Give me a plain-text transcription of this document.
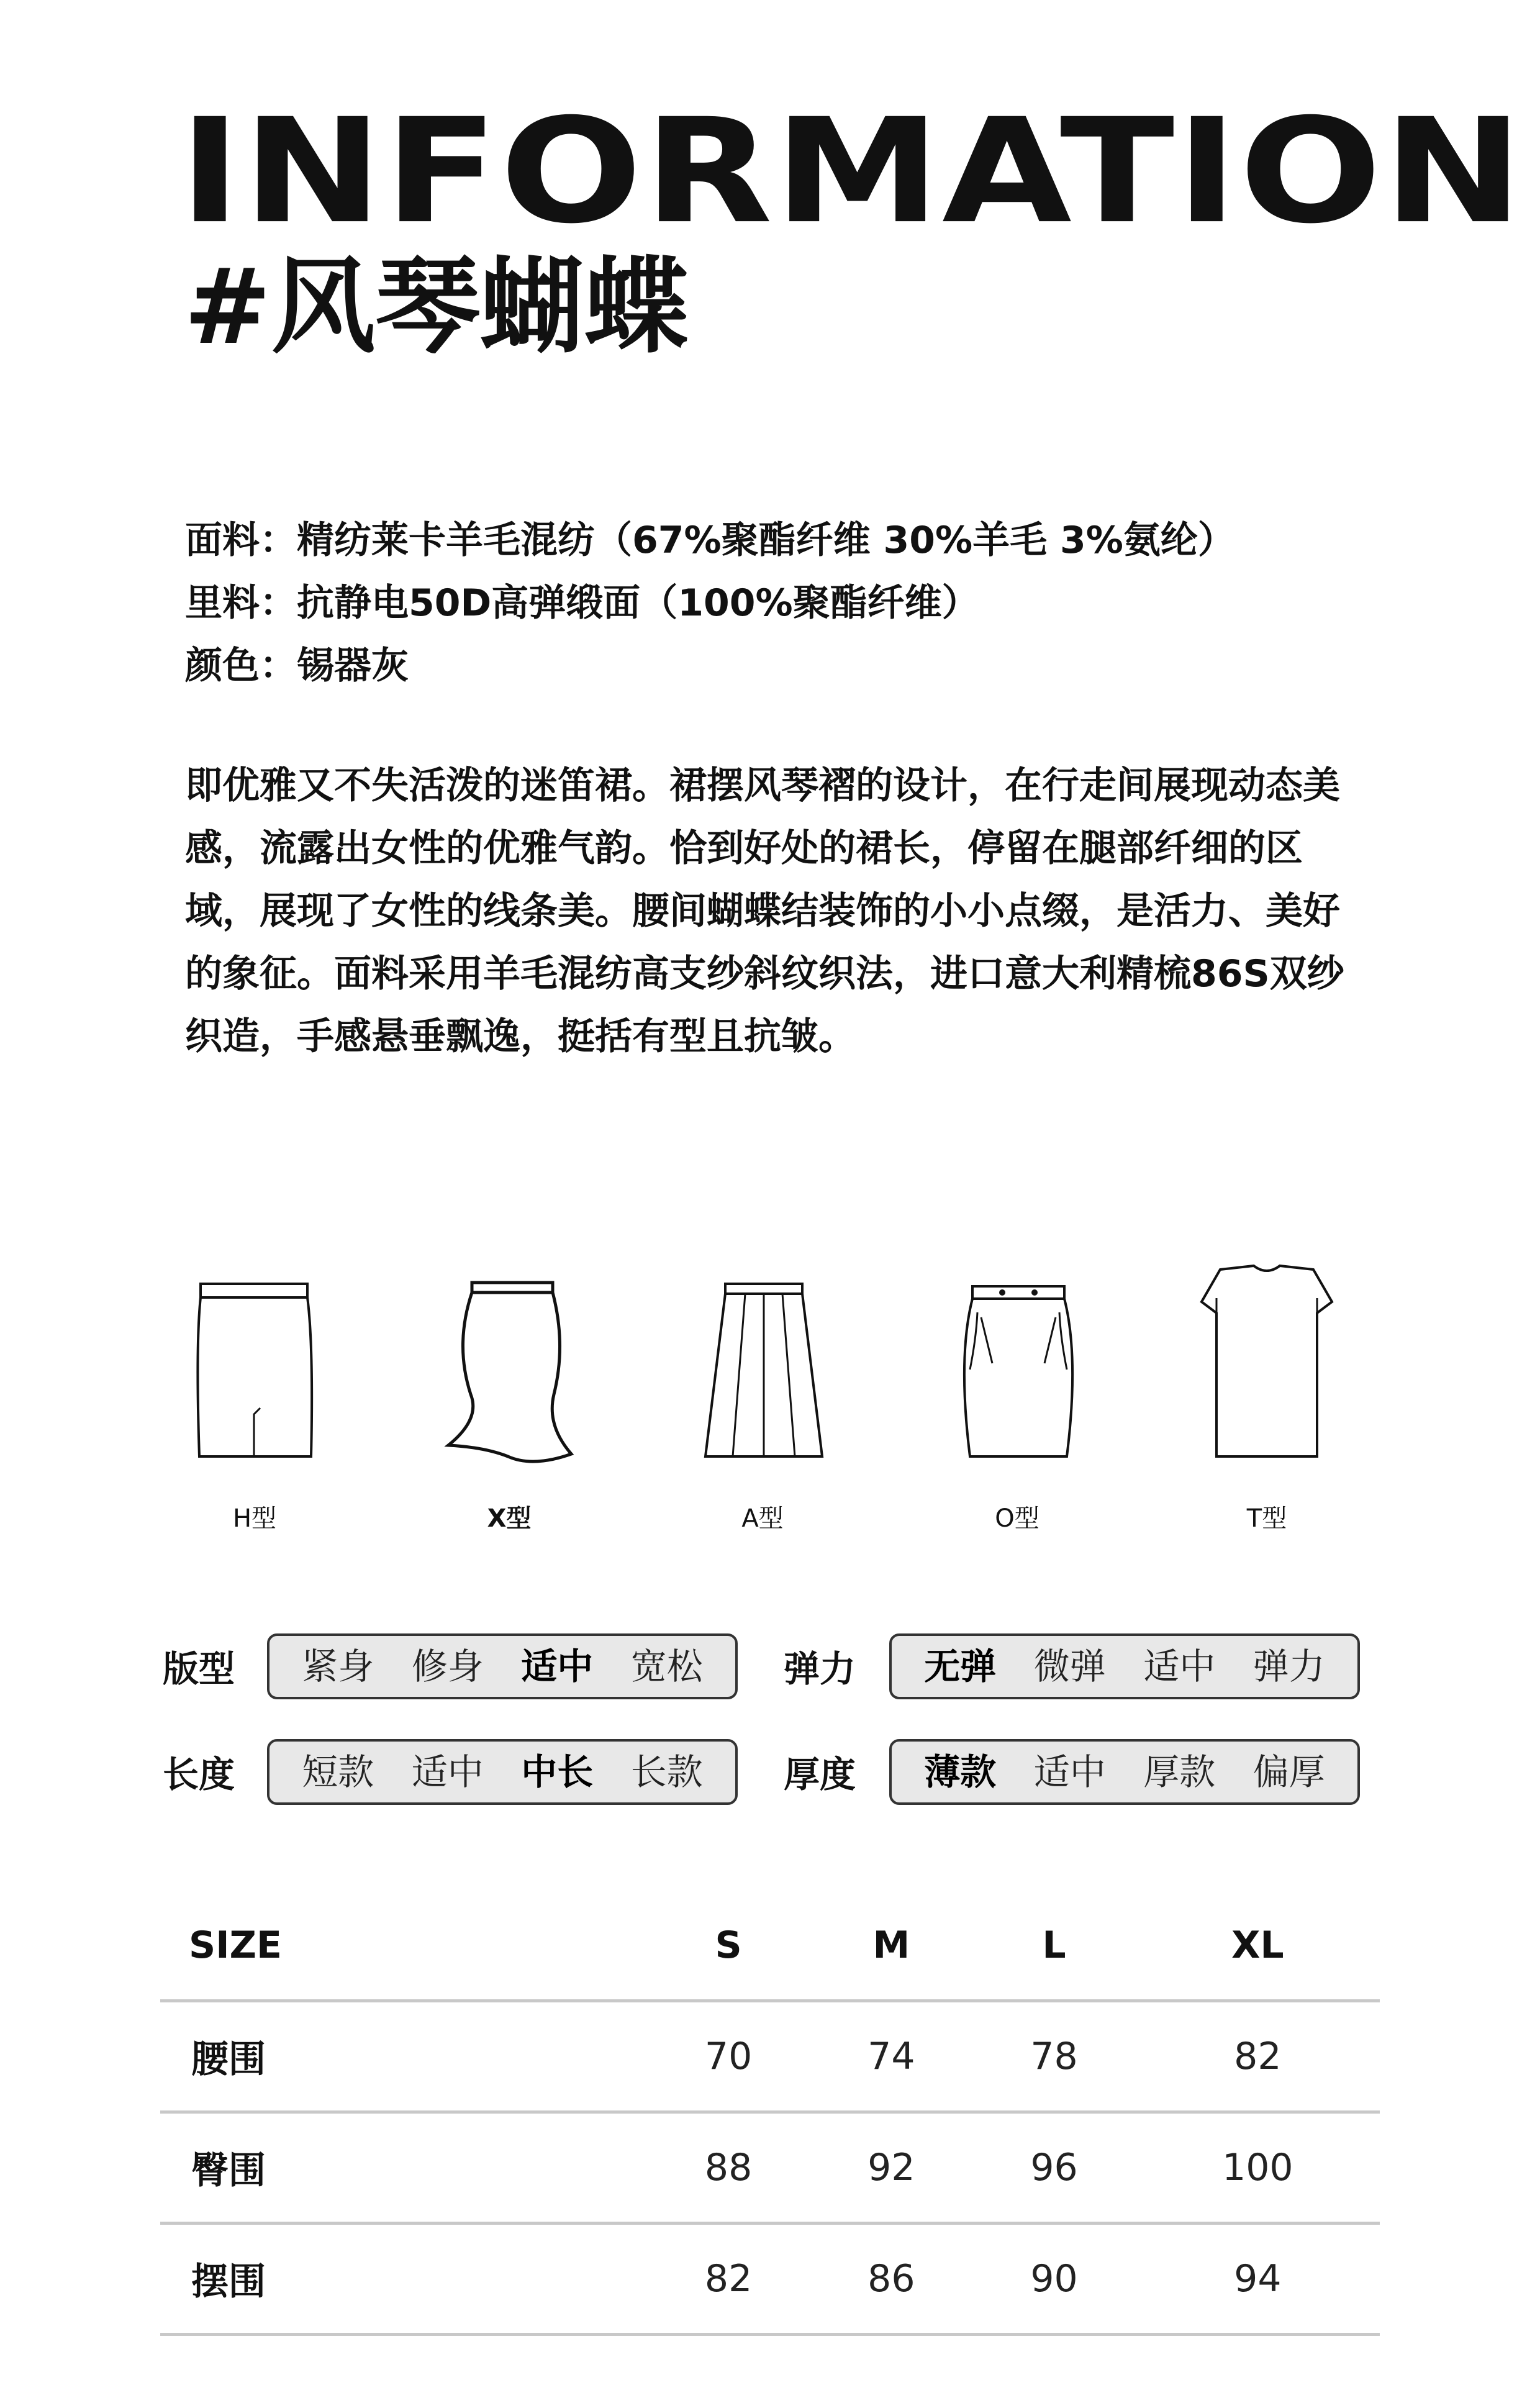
INFORMATION
#风琴蝴蝶
面料：精纺莱卡羊毛混纺（67%聚酯纤维 30%羊毛 3%氨纶）
里料：抗静电50D高弹缎面（100%聚酯纤维）
颜色：锡器灰

即优雅又不失活泼的迷笛裙。裙摆风琴褶的设计，在行走间展现动态美感，流露出女性的优雅气韵。恰到好处的裙长，停留在腿部纤细的区域，展现了女性的线条美。腰间蝴蝶结装饰的小小点缀，是活力、美好的象征。面料采用羊毛混纺高支纱斜纹织法，进口意大利精梳86S双纱织造，手感悬垂飘逸，挺括有型且抗皱。

H型	X型	A型	O型	T型
版型 紧身 修身 适中 宽松 弹力 无弹 微弹 适中 弹力
长度 短款 适中 中长 长款 厚度 薄款 适中 厚款 偏厚
SIZE	S	M	L	XL
腰围	70	74	78	82
臀围	88	92	96	100
摆围	82	86	90	94
